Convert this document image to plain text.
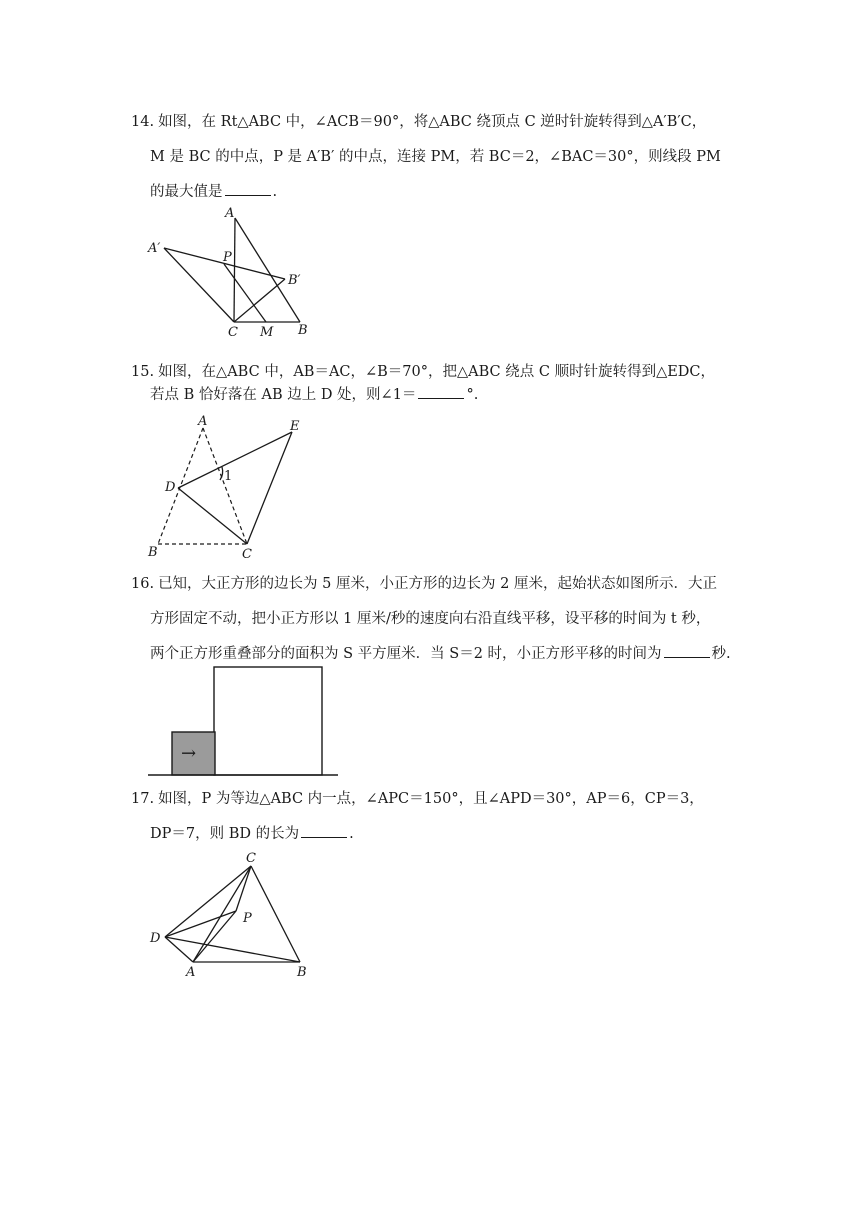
14. 如图，在 Rt△ABC 中，∠ACB＝90°，将△ABC 绕顶点 C 逆时针旋转得到△A′B′C，
M 是 BC 的中点，P 是 A′B′ 的中点，连接 PM，若 BC＝2，∠BAC＝30°，则线段 PM
的最大值是	.
A
A′
P
B′
C M B
15. 如图，在△ABC 中，AB＝AC，∠B＝70°，把△ABC 绕点 C 顺时针旋转得到△EDC，
若点 B 恰好落在 AB 边上 D 处，则∠1＝	°.
A	E
D
1
B	C
16. 已知，大正方形的边长为 5 厘米，小正方形的边长为 2 厘米，起始状态如图所示．大正
方形固定不动，把小正方形以 1 厘米/秒的速度向右沿直线平移，设平移的时间为 t 秒，
两个正方形重叠部分的面积为 S 平方厘米．当 S＝2 时，小正方形平移的时间为	秒.
→
17. 如图，P 为等边△ABC 内一点，∠APC＝150°，且∠APD＝30°，AP＝6，CP＝3，
DP＝7，则 BD 的长为	.
C
P
D
A	B
